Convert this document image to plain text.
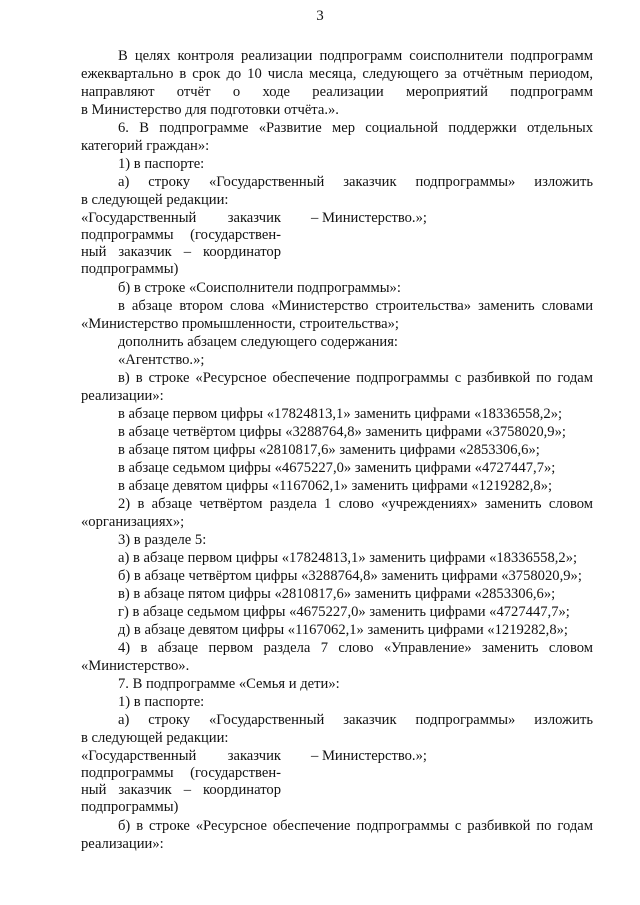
3
В целях контроля реализации подпрограмм соисполнители подпрограмм
ежеквартально в срок до 10 числа месяца, следующего за отчётным периодом,
направляют отчёт о ходе реализации мероприятий подпрограмм
в Министерство для подготовки отчёта.».
6. В подпрограмме «Развитие мер социальной поддержки отдельных
категорий граждан»:
1) в паспорте:
а) строку «Государственный заказчик подпрограммы» изложить
в следующей редакции:
«Государственный заказчик – Министерство.»;
подпрограммы (государствен-
ный заказчик – координатор
подпрограммы)
б) в строке «Соисполнители подпрограммы»:
в абзаце втором слова «Министерство строительства» заменить словами
«Министерство промышленности, строительства»;
дополнить абзацем следующего содержания:
«Агентство.»;
в) в строке «Ресурсное обеспечение подпрограммы с разбивкой по годам
реализации»:
в абзаце первом цифры «17824813,1» заменить цифрами «18336558,2»;
в абзаце четвёртом цифры «3288764,8» заменить цифрами «3758020,9»;
в абзаце пятом цифры «2810817,6» заменить цифрами «2853306,6»;
в абзаце седьмом цифры «4675227,0» заменить цифрами «4727447,7»;
в абзаце девятом цифры «1167062,1» заменить цифрами «1219282,8»;
2) в абзаце четвёртом раздела 1 слово «учреждениях» заменить словом
«организациях»;
3) в разделе 5:
а) в абзаце первом цифры «17824813,1» заменить цифрами «18336558,2»;
б) в абзаце четвёртом цифры «3288764,8» заменить цифрами «3758020,9»;
в) в абзаце пятом цифры «2810817,6» заменить цифрами «2853306,6»;
г) в абзаце седьмом цифры «4675227,0» заменить цифрами «4727447,7»;
д) в абзаце девятом цифры «1167062,1» заменить цифрами «1219282,8»;
4) в абзаце первом раздела 7 слово «Управление» заменить словом
«Министерство».
7. В подпрограмме «Семья и дети»:
1) в паспорте:
а) строку «Государственный заказчик подпрограммы» изложить
в следующей редакции:
«Государственный заказчик – Министерство.»;
подпрограммы (государствен-
ный заказчик – координатор
подпрограммы)
б) в строке «Ресурсное обеспечение подпрограммы с разбивкой по годам
реализации»:
